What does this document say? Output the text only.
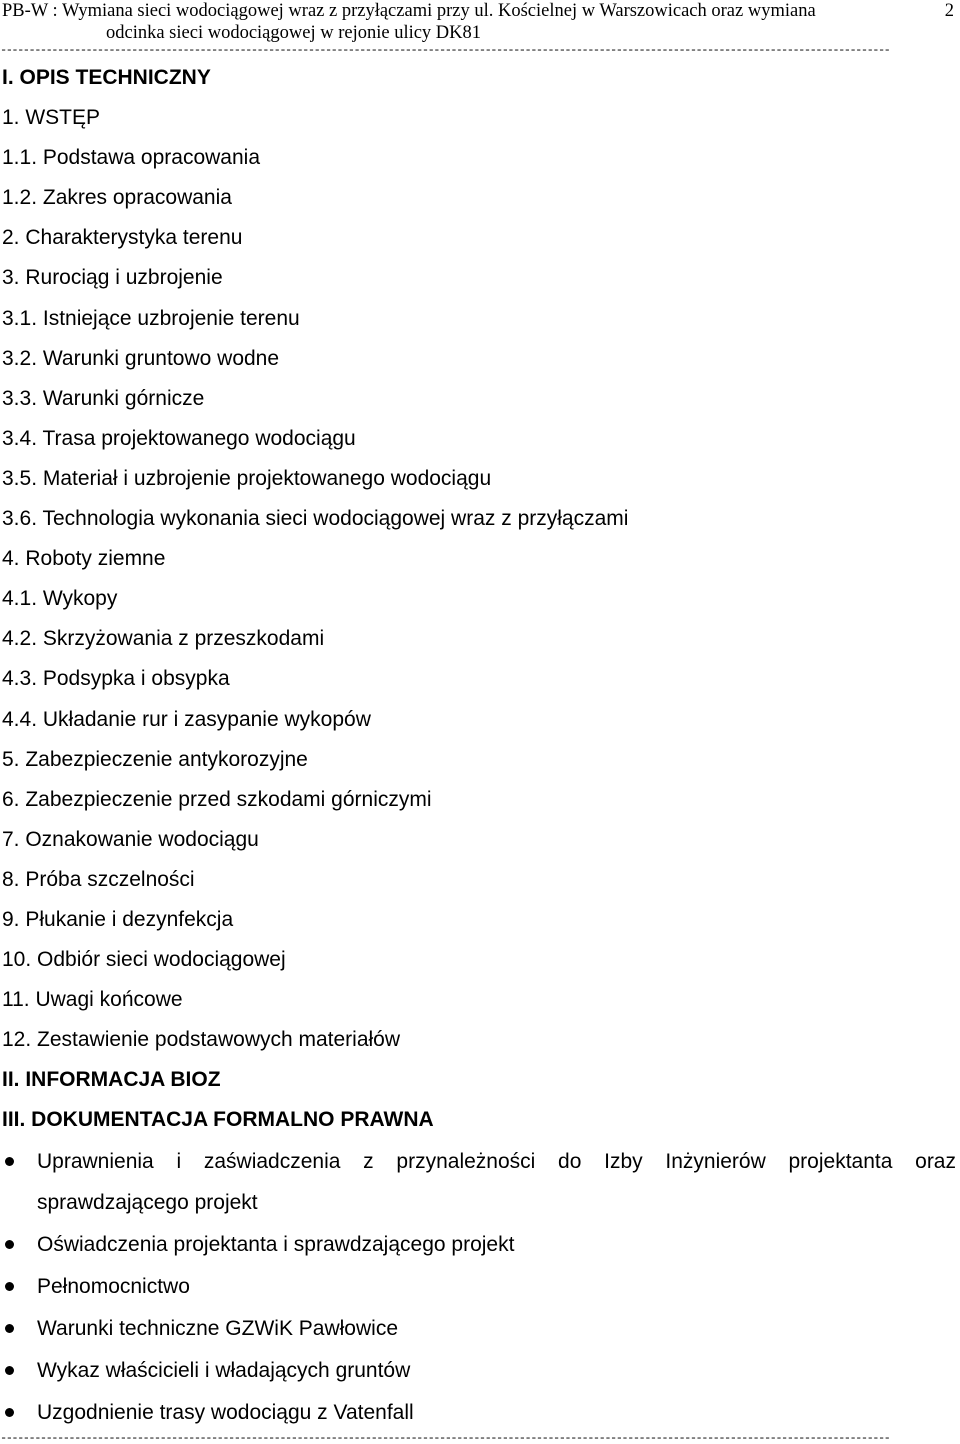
PB-W : Wymiana sieci wodociągowej wraz z przyłączami przy ul. Kościelnej w Warszowicach oraz wymiana
odcinka sieci wodociągowej w rejonie ulicy DK81
2
------------------------------------------------------------------------------------------------------------------------------------------------------------
I. OPIS TECHNICZNY
1. WSTĘP
1.1. Podstawa opracowania
1.2. Zakres opracowania
2. Charakterystyka terenu
3. Rurociąg i uzbrojenie
3.1. Istniejące uzbrojenie terenu
3.2. Warunki gruntowo wodne
3.3. Warunki górnicze
3.4. Trasa projektowanego wodociągu
3.5. Materiał i uzbrojenie projektowanego wodociągu
3.6. Technologia wykonania sieci wodociągowej wraz z przyłączami
4. Roboty ziemne
4.1. Wykopy
4.2. Skrzyżowania z przeszkodami
4.3. Podsypka i obsypka
4.4. Układanie rur i zasypanie wykopów
5. Zabezpieczenie antykorozyjne
6. Zabezpieczenie przed szkodami górniczymi
7. Oznakowanie wodociągu
8. Próba szczelności
9. Płukanie i dezynfekcja
10. Odbiór sieci wodociągowej
11. Uwagi końcowe
12. Zestawienie podstawowych materiałów
II. INFORMACJA BIOZ
III. DOKUMENTACJA FORMALNO PRAWNA
Uprawnienia i zaświadczenia z przynależności do Izby Inżynierów projektanta oraz sprawdzającego projekt
Oświadczenia projektanta i sprawdzającego projekt
Pełnomocnictwo
Warunki techniczne GZWiK Pawłowice
Wykaz właścicieli i władających gruntów
Uzgodnienie trasy wodociągu z Vatenfall
------------------------------------------------------------------------------------------------------------------------------------------------------------
